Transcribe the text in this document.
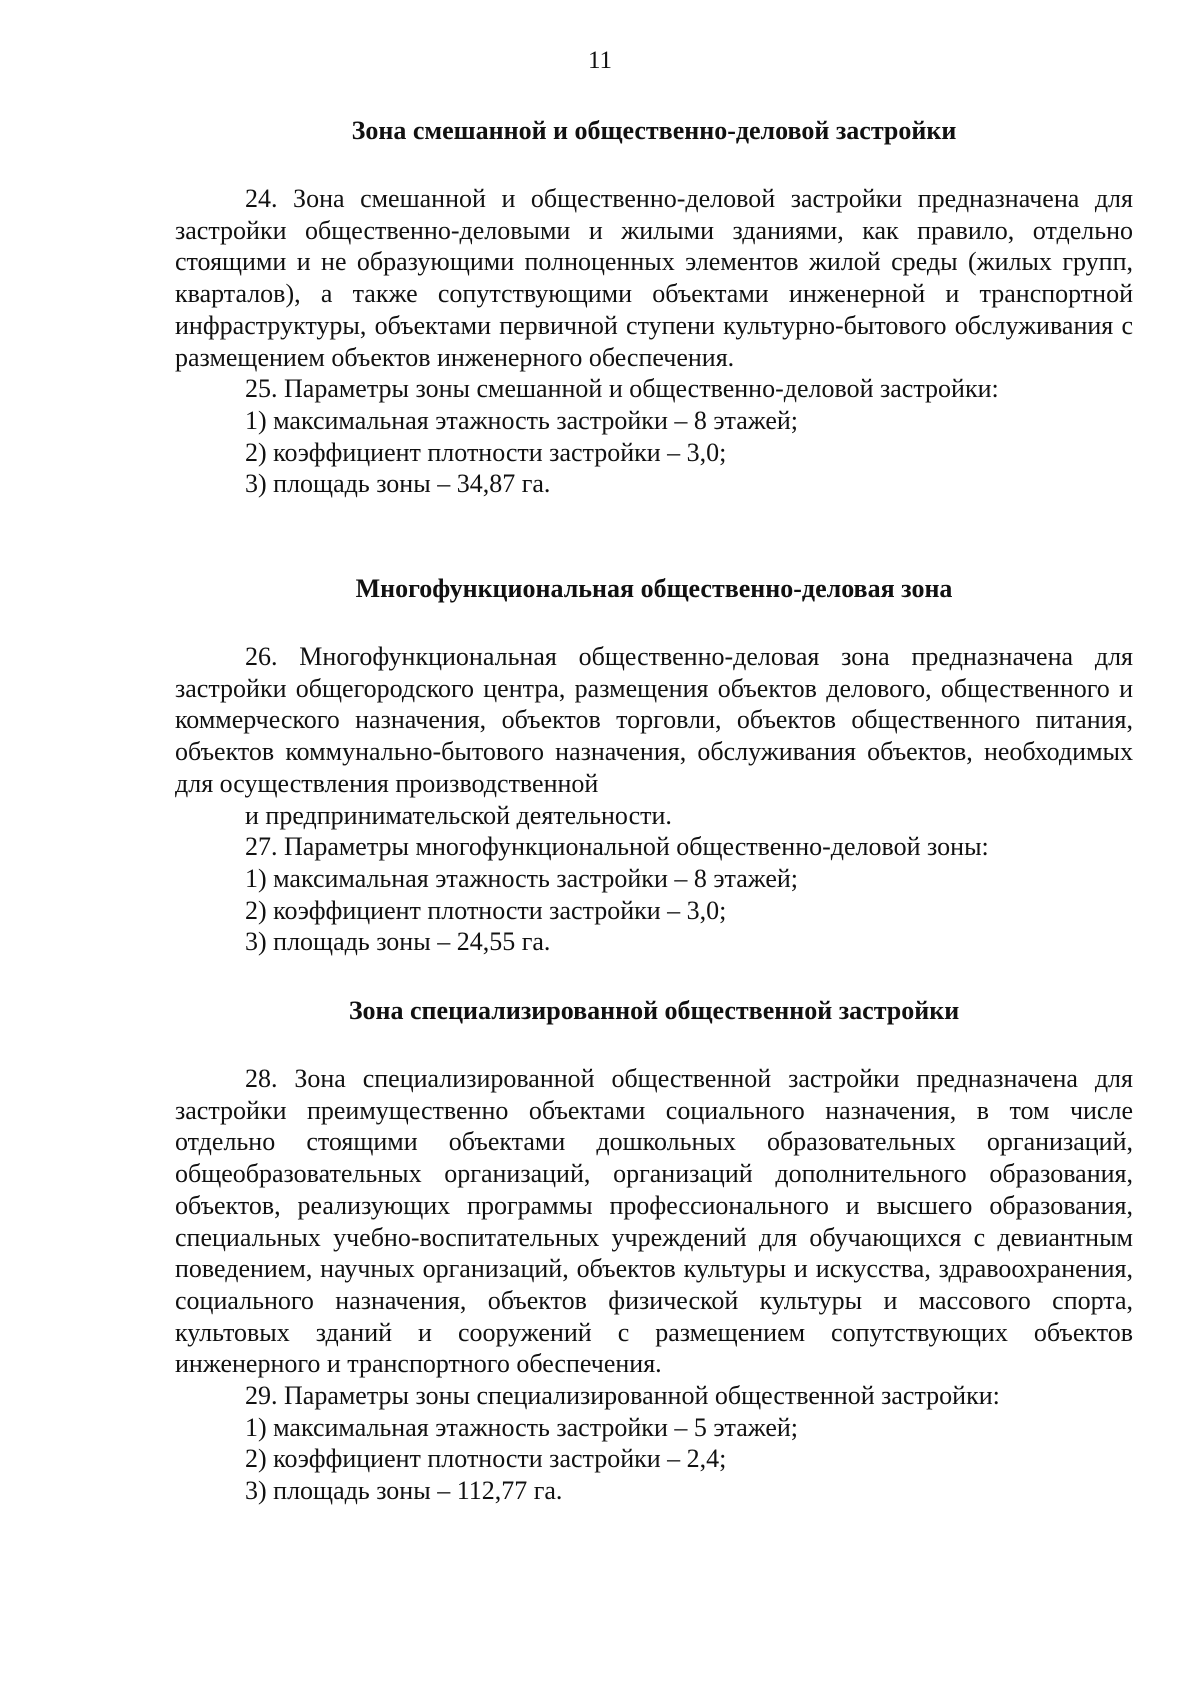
11
Зона смешанной и общественно-деловой застройки

24. Зона смешанной и общественно-деловой застройки предназначена для застройки общественно-деловыми и жилыми зданиями, как правило, отдельно стоящими и не образующими полноценных элементов жилой среды (жилых групп, кварталов), а также сопутствующими объектами инженерной и транспортной инфраструктуры, объектами первичной ступени культурно-бытового обслуживания с размещением объектов инженерного обеспечения.

25. Параметры зоны смешанной и общественно-деловой застройки:

1) максимальная этажность застройки – 8 этажей;

2) коэффициент плотности застройки – 3,0;

3) площадь зоны – 34,87 га.

Многофункциональная общественно-деловая зона

26. Многофункциональная общественно-деловая зона предназначена для застройки общегородского центра, размещения объектов делового, общественного и коммерческого назначения, объектов торговли, объектов общественного питания, объектов коммунально-бытового назначения, обслуживания объектов, необходимых для осуществления производственной

и предпринимательской деятельности.

27. Параметры многофункциональной общественно-деловой зоны:

1) максимальная этажность застройки – 8 этажей;

2) коэффициент плотности застройки – 3,0;

3) площадь зоны – 24,55 га.

Зона специализированной общественной застройки

28. Зона специализированной общественной застройки предназначена для застройки преимущественно объектами социального назначения, в том числе отдельно стоящими объектами дошкольных образовательных организаций, общеобразовательных организаций, организаций дополнительного образования, объектов, реализующих программы профессионального и высшего образования, специальных учебно-воспитательных учреждений для обучающихся с девиантным поведением, научных организаций, объектов культуры и искусства, здравоохранения, социального назначения, объектов физической культуры и массового спорта, культовых зданий и сооружений с размещением сопутствующих объектов инженерного и транспортного обеспечения.

29. Параметры зоны специализированной общественной застройки:

1) максимальная этажность застройки – 5 этажей;

2) коэффициент плотности застройки – 2,4;

3) площадь зоны – 112,77 га.
